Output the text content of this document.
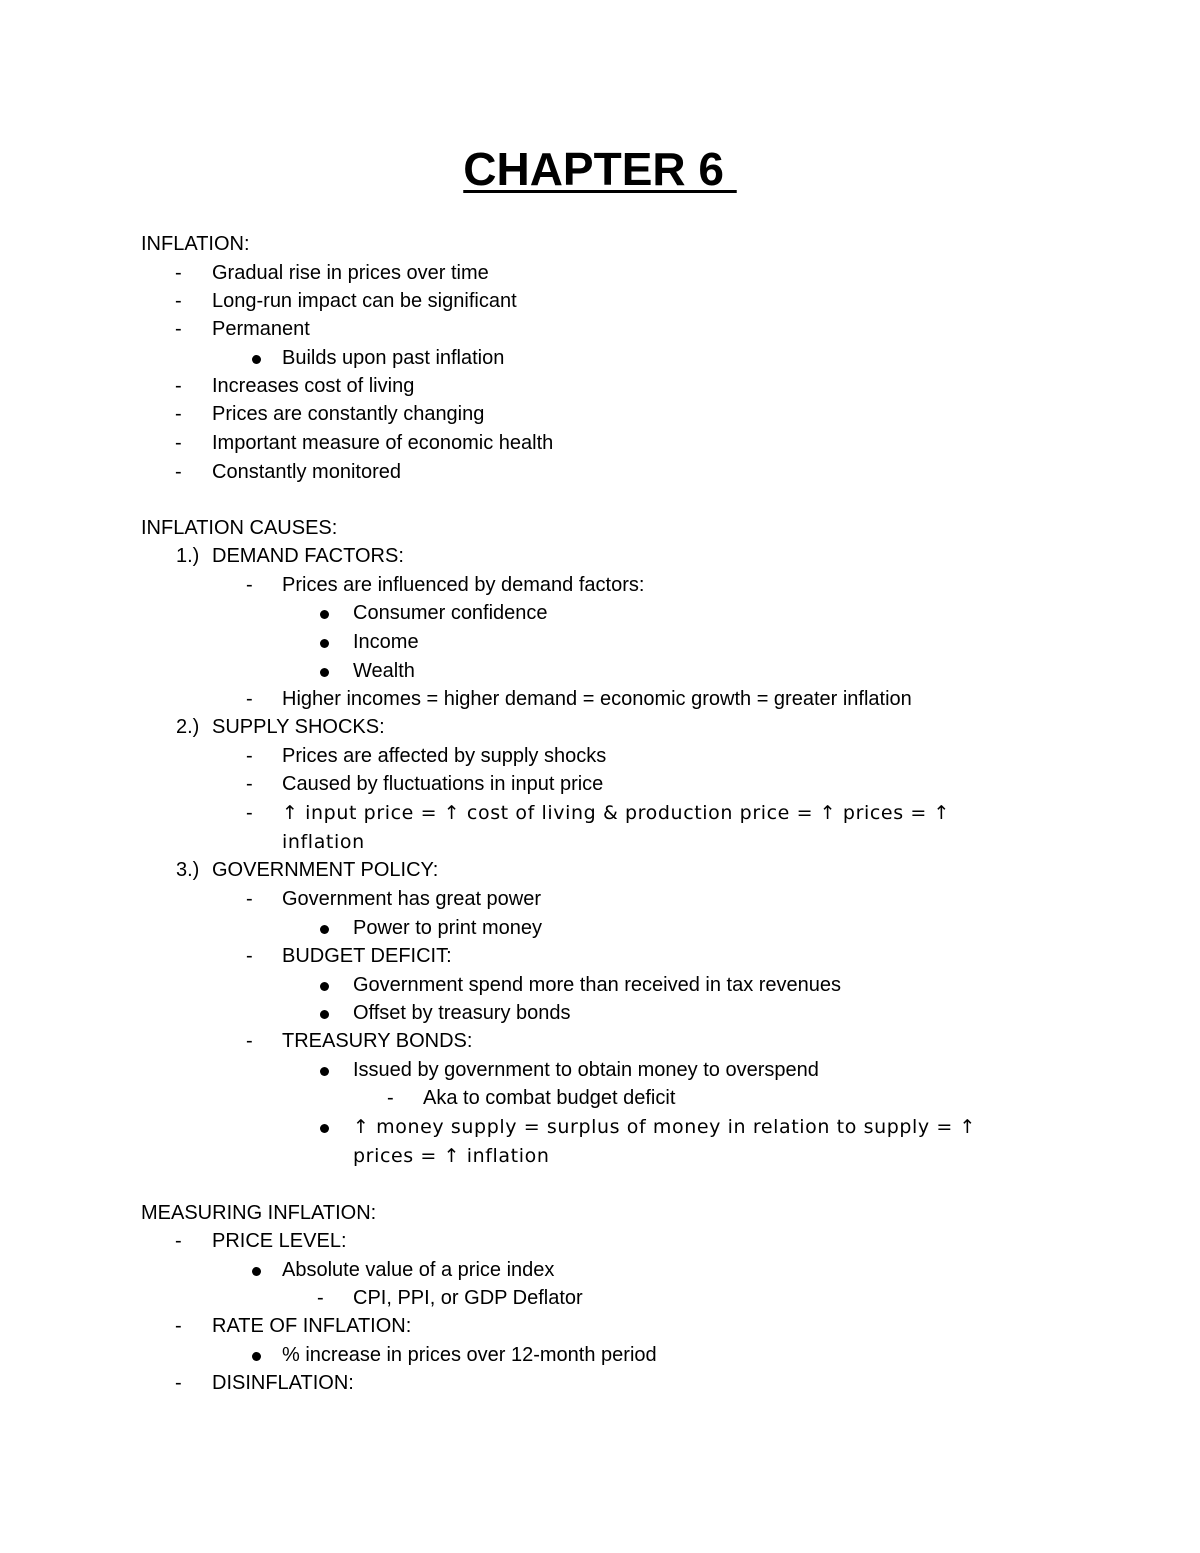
CHAPTER 6
INFLATION:
- Gradual rise in prices over time
- Long-run impact can be significant
- Permanent
Builds upon past inflation
- Increases cost of living
- Prices are constantly changing
- Important measure of economic health
- Constantly monitored
INFLATION CAUSES:
1.) DEMAND FACTORS:
- Prices are influenced by demand factors:
Consumer confidence
Income
Wealth
- Higher incomes = higher demand = economic growth = greater inflation
2.) SUPPLY SHOCKS:
- Prices are affected by supply shocks
- Caused by fluctuations in input price
- ↑ input price = ↑ cost of living & production price = ↑ prices = ↑
inflation
3.) GOVERNMENT POLICY:
- Government has great power
Power to print money
- BUDGET DEFICIT:
Government spend more than received in tax revenues
Offset by treasury bonds
- TREASURY BONDS:
Issued by government to obtain money to overspend
- Aka to combat budget deficit
↑ money supply = surplus of money in relation to supply = ↑
prices = ↑ inflation
MEASURING INFLATION:
- PRICE LEVEL:
Absolute value of a price index
- CPI, PPI, or GDP Deflator
- RATE OF INFLATION:
% increase in prices over 12-month period
- DISINFLATION:
